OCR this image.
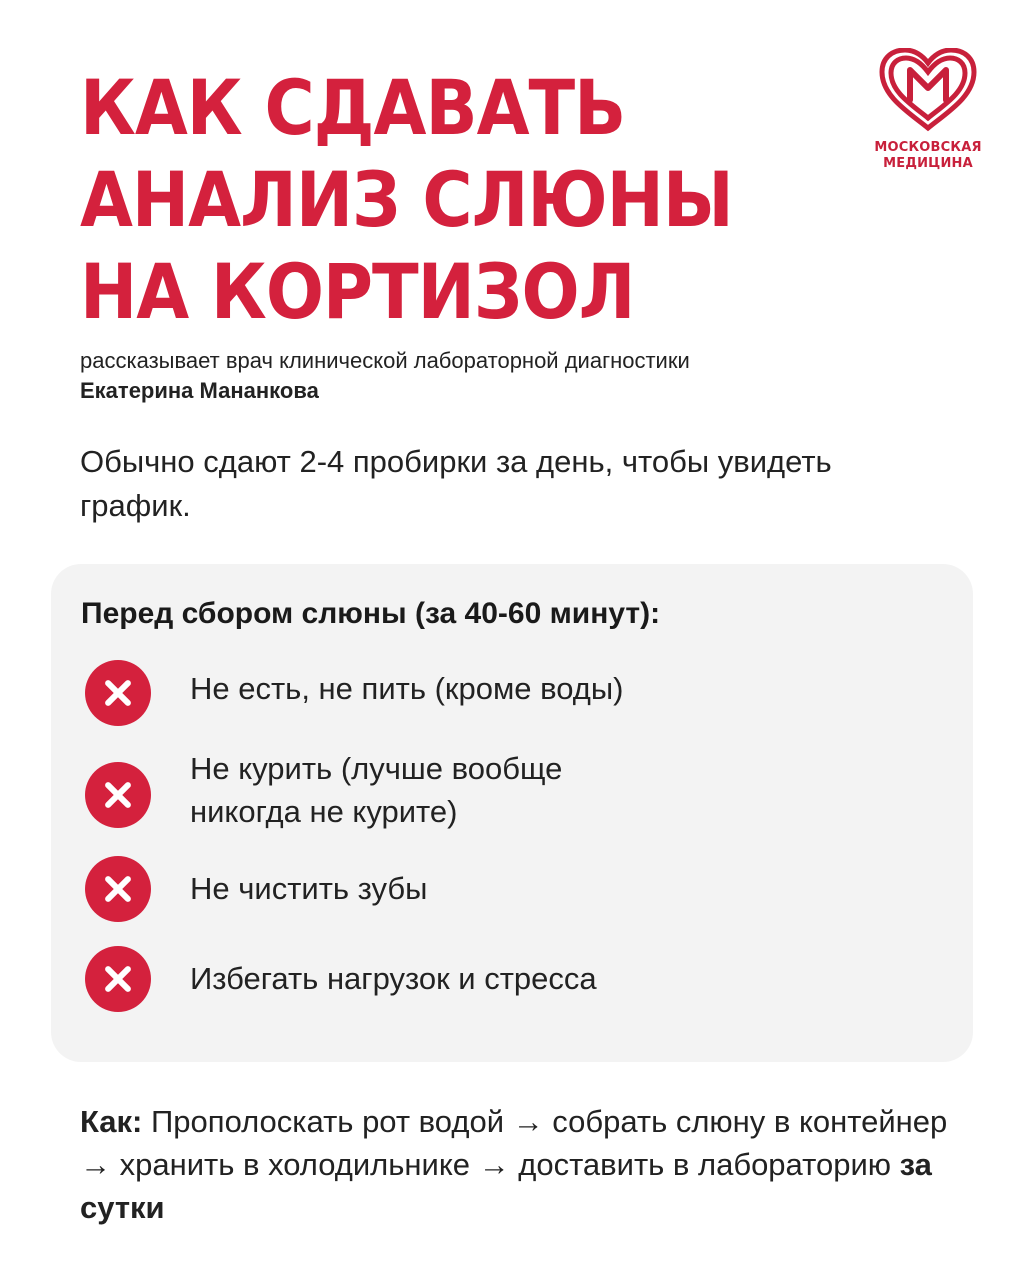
КАК СДАВАТЬ
АНАЛИЗ СЛЮНЫ
НА КОРТИЗОЛ
МОСКОВСКАЯ
МЕДИЦИНА
рассказывает врач клинической лабораторной диагностики Екатерина Мананкова
Обычно сдают 2-4 пробирки за день, чтобы увидеть график.
Перед сбором слюны (за 40-60 минут):
Не есть, не пить (кроме воды)
Не курить (лучше вообще никогда не курите)
Не чистить зубы
Избегать нагрузок и стресса
Как: Прополоскать рот водой → собрать слюну в контейнер → хранить в холодильнике → доставить в лабораторию за сутки
